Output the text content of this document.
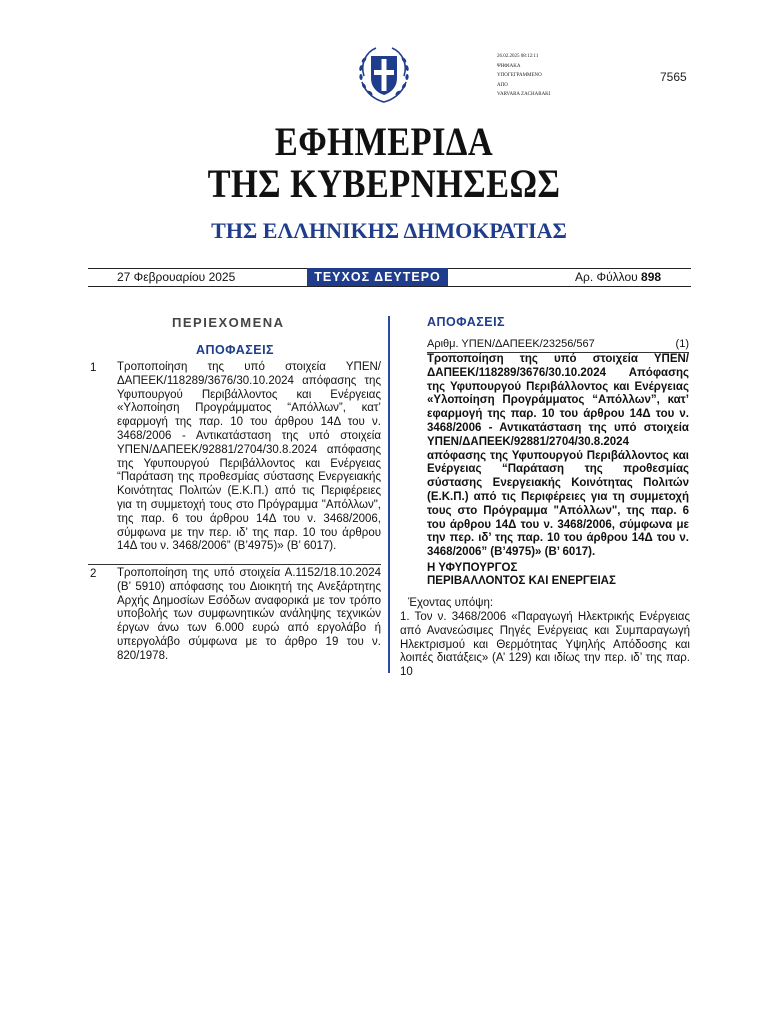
26.02.2025 08:12:11
ΨΗΦΙΑΚΑ
ΥΠΟΓΕΓΡΑΜΜΕΝΟ
ΑΠΟ
VARVARA ZACHARAKI
7565
ΕΦΗΜΕΡΙΔΑ
ΤΗΣ ΚΥΒΕΡΝΗΣΕΩΣ
ΤΗΣ ΕΛΛΗΝΙΚΗΣ ΔΗΜΟΚΡΑΤΙΑΣ
27 Φεβρουαρίου 2025	ΤΕΥΧΟΣ ΔΕΥΤΕΡΟ	Αρ. Φύλλου 898
ΠΕΡΙΕΧΟΜΕΝΑ
ΑΠΟΦΑΣΕΙΣ
1 Τροποποίηση της υπό στοιχεία ΥΠΕΝ/ΔΑΠΕΕΚ/118289/3676/30.10.2024 απόφασης της Υφυπουργού Περιβάλλοντος και Ενέργειας «Υλοποίηση Προγράμματος “Απόλλων”, κατ’ εφαρμογή της παρ. 10 του άρθρου 14Δ του ν. 3468/2006 - Αντικατάσταση της υπό στοιχεία ΥΠΕΝ/ΔΑΠΕΕΚ/92881/2704/30.8.2024 απόφασης της Υφυπουργού Περιβάλλοντος και Ενέργειας “Παράταση της προθεσμίας σύστασης Ενεργειακής Κοινότητας Πολιτών (Ε.Κ.Π.) από τις Περιφέρειες για τη συμμετοχή τους στο Πρόγραμμα "Απόλλων", της παρ. 6 του άρθρου 14Δ του ν. 3468/2006, σύμφωνα με την περ. ιδ’ της παρ. 10 του άρθρου 14Δ του ν. 3468/2006” (Β’4975)» (Β’ 6017).
2 Τροποποίηση της υπό στοιχεία Α.1152/18.10.2024 (Β’ 5910) απόφασης του Διοικητή της Ανεξάρτητης Αρχής Δημοσίων Εσόδων αναφορικά με τον τρόπο υποβολής των συμφωνητικών ανάληψης τεχνικών έργων άνω των 6.000 ευρώ από εργολάβο ή υπεργολάβο σύμφωνα με το άρθρο 19 του ν. 820/1978.
ΑΠΟΦΑΣΕΙΣ
Αριθμ. ΥΠΕΝ/ΔΑΠΕΕΚ/23256/567	(1)
Τροποποίηση της υπό στοιχεία ΥΠΕΝ/ΔΑΠΕΕΚ/118289/3676/30.10.2024 Απόφασης της Υφυπουργού Περιβάλλοντος και Ενέργειας «Υλοποίηση Προγράμματος “Απόλλων”, κατ’ εφαρμογή της παρ. 10 του άρθρου 14Δ του ν. 3468/2006 - Αντικατάσταση της υπό στοιχεία ΥΠΕΝ/ΔΑΠΕΕΚ/92881/2704/30.8.2024 απόφασης της Υφυπουργού Περιβάλλοντος και Ενέργειας “Παράταση της προθεσμίας σύστασης Ενεργειακής Κοινότητας Πολιτών (Ε.Κ.Π.) από τις Περιφέρειες για τη συμμετοχή τους στο Πρόγραμμα "Απόλλων", της παρ. 6 του άρθρου 14Δ του ν. 3468/2006, σύμφωνα με την περ. ιδ’ της παρ. 10 του άρθρου 14Δ του ν. 3468/2006” (Β’4975)» (Β’ 6017).
Η ΥΦΥΠΟΥΡΓΟΣ
ΠΕΡΙΒΑΛΛΟΝΤΟΣ ΚΑΙ ΕΝΕΡΓΕΙΑΣ
Έχοντας υπόψη:
1. Τον ν. 3468/2006 «Παραγωγή Ηλεκτρικής Ενέργειας από Ανανεώσιμες Πηγές Ενέργειας και Συμπαραγωγή Ηλεκτρισμού και Θερμότητας Υψηλής Απόδοσης και λοιπές διατάξεις» (Α’ 129) και ιδίως την περ. ιδ’ της παρ. 10
